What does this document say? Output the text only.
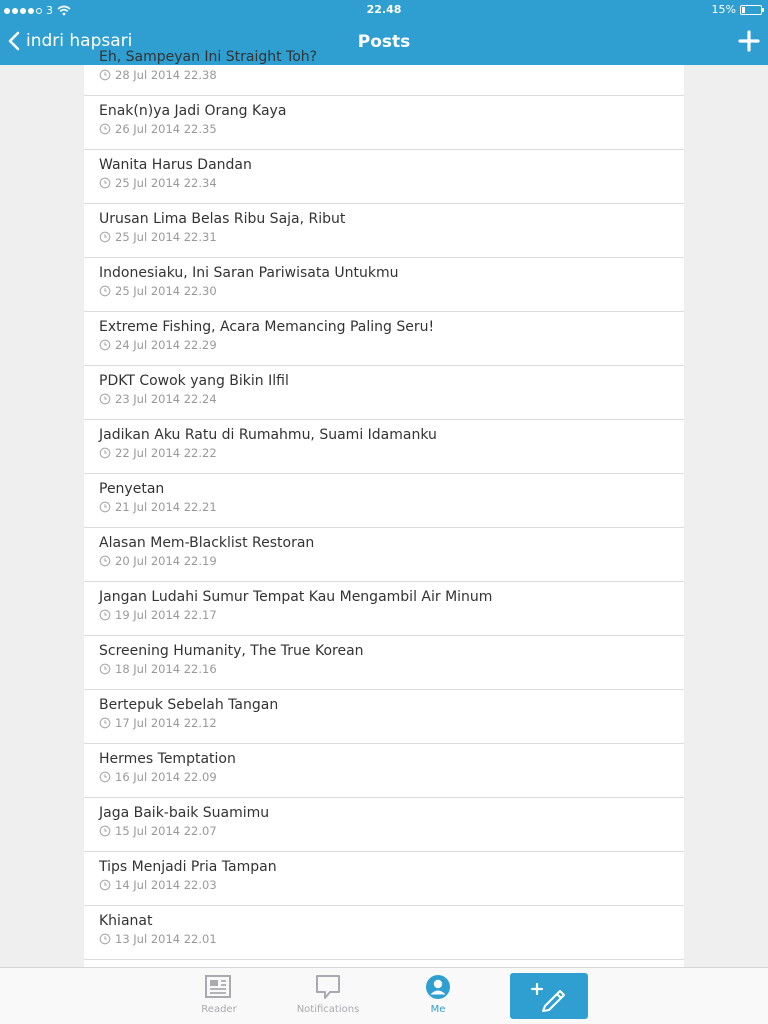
3	22.48	15%
indri hapsari	Posts
Eh, Sampeyan Ini Straight Toh?
28 Jul 2014 22.38
Enak(n)ya Jadi Orang Kaya
26 Jul 2014 22.35
Wanita Harus Dandan
25 Jul 2014 22.34
Urusan Lima Belas Ribu Saja, Ribut
25 Jul 2014 22.31
Indonesiaku, Ini Saran Pariwisata Untukmu
25 Jul 2014 22.30
Extreme Fishing, Acara Memancing Paling Seru!
24 Jul 2014 22.29
PDKT Cowok yang Bikin Ilfil
23 Jul 2014 22.24
Jadikan Aku Ratu di Rumahmu, Suami Idamanku
22 Jul 2014 22.22
Penyetan
21 Jul 2014 22.21
Alasan Mem-Blacklist Restoran
20 Jul 2014 22.19
Jangan Ludahi Sumur Tempat Kau Mengambil Air Minum
19 Jul 2014 22.17
Screening Humanity, The True Korean
18 Jul 2014 22.16
Bertepuk Sebelah Tangan
17 Jul 2014 22.12
Hermes Temptation
16 Jul 2014 22.09
Jaga Baik-baik Suamimu
15 Jul 2014 22.07
Tips Menjadi Pria Tampan
14 Jul 2014 22.03
Khianat
13 Jul 2014 22.01
Reader	Notifications	Me
